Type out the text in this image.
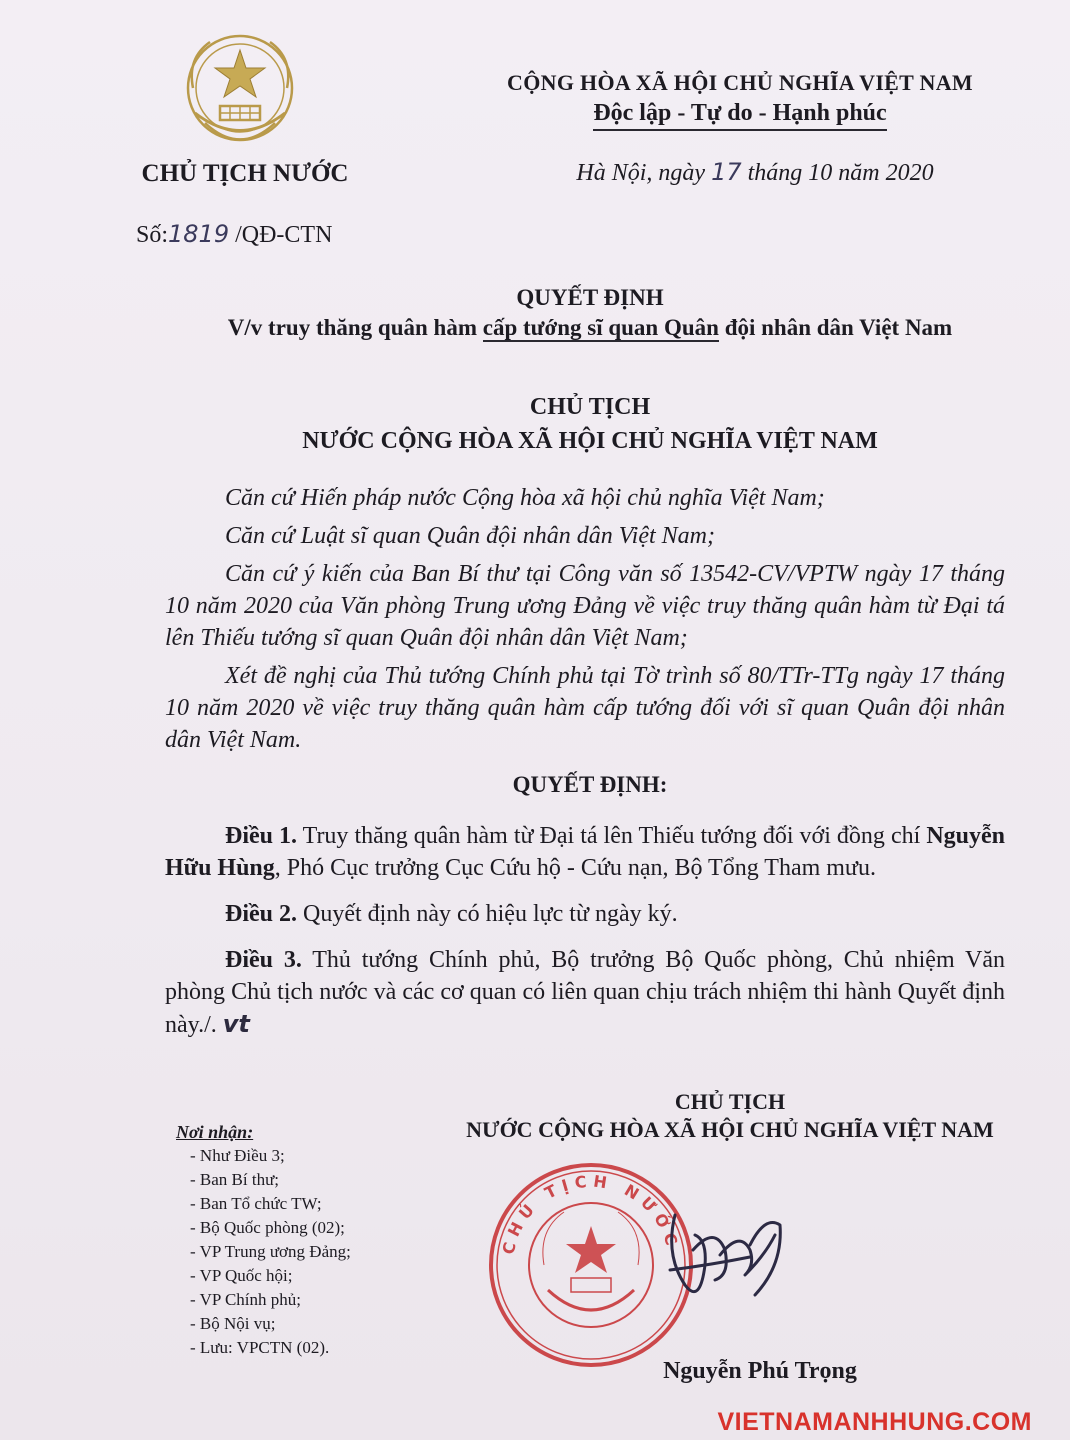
CHỦ TỊCH NƯỚC
Số:1819 /QĐ-CTN
CỘNG HÒA XÃ HỘI CHỦ NGHĨA VIỆT NAM
Độc lập - Tự do - Hạnh phúc
Hà Nội, ngày 17 tháng 10 năm 2020
QUYẾT ĐỊNH
V/v truy thăng quân hàm cấp tướng sĩ quan Quân đội nhân dân Việt Nam
CHỦ TỊCH
NƯỚC CỘNG HÒA XÃ HỘI CHỦ NGHĨA VIỆT NAM

Căn cứ Hiến pháp nước Cộng hòa xã hội chủ nghĩa Việt Nam;

Căn cứ Luật sĩ quan Quân đội nhân dân Việt Nam;

Căn cứ ý kiến của Ban Bí thư tại Công văn số 13542-CV/VPTW ngày 17 tháng 10 năm 2020 của Văn phòng Trung ương Đảng về việc truy thăng quân hàm từ Đại tá lên Thiếu tướng sĩ quan Quân đội nhân dân Việt Nam;

Xét đề nghị của Thủ tướng Chính phủ tại Tờ trình số 80/TTr-TTg ngày 17 tháng 10 năm 2020 về việc truy thăng quân hàm cấp tướng đối với sĩ quan Quân đội nhân dân Việt Nam.

QUYẾT ĐỊNH:

Điều 1. Truy thăng quân hàm từ Đại tá lên Thiếu tướng đối với đồng chí Nguyễn Hữu Hùng, Phó Cục trưởng Cục Cứu hộ - Cứu nạn, Bộ Tổng Tham mưu.

Điều 2. Quyết định này có hiệu lực từ ngày ký.

Điều 3. Thủ tướng Chính phủ, Bộ trưởng Bộ Quốc phòng, Chủ nhiệm Văn phòng Chủ tịch nước và các cơ quan có liên quan chịu trách nhiệm thi hành Quyết định này./. vt

Nơi nhận:
- Như Điều 3;
- Ban Bí thư;
- Ban Tổ chức TW;
- Bộ Quốc phòng (02);
- VP Trung ương Đảng;
- VP Quốc hội;
- VP Chính phủ;
- Bộ Nội vụ;
- Lưu: VPCTN (02).
CHỦ TỊCH
NƯỚC CỘNG HÒA XÃ HỘI CHỦ NGHĨA VIỆT NAM
CHỦ TỊCH NƯỚC
Nguyễn Phú Trọng
VIETNAMANHHUNG.COM
